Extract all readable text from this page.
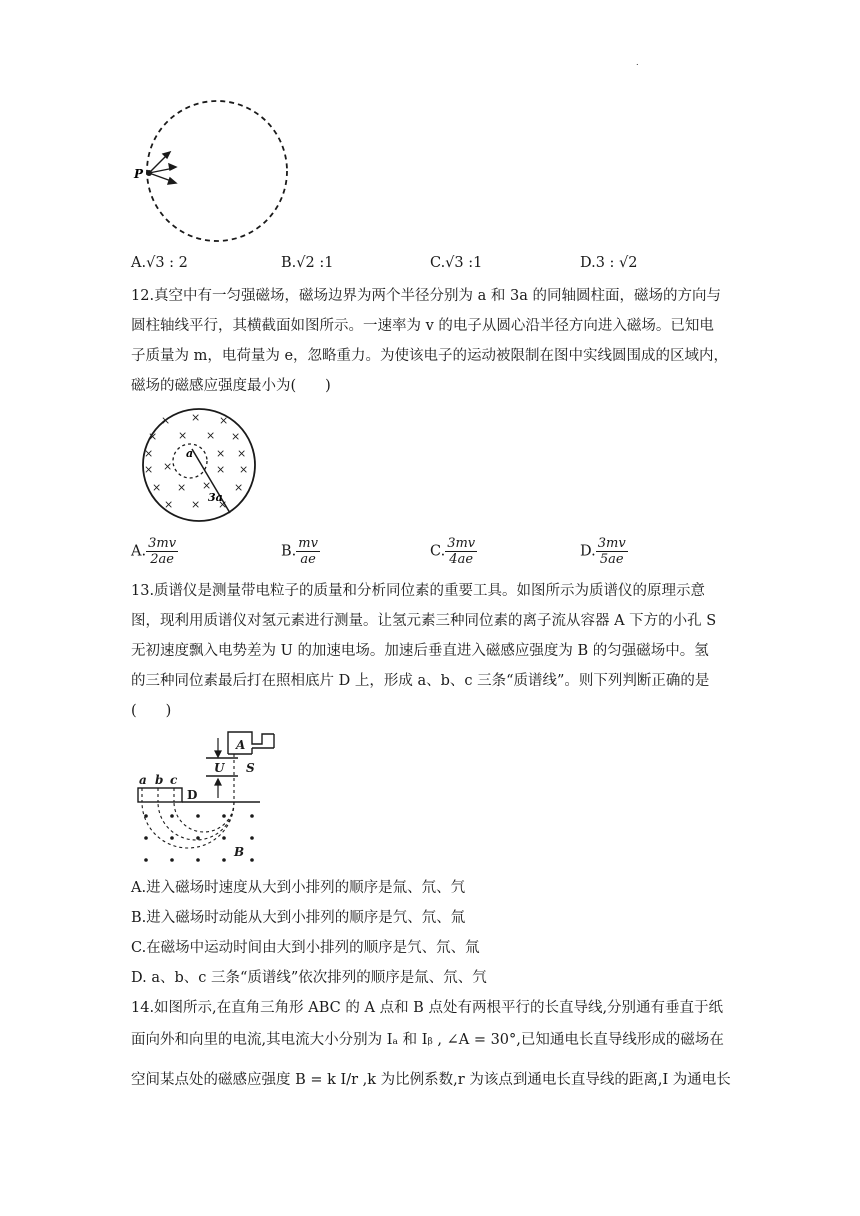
.
P
A.√3 : 2	B.√2 :1	C.√3 :1	D.3 : √2
12.真空中有一匀强磁场，磁场边界为两个半径分别为 a 和 3a 的同轴圆柱面，磁场的方向与
圆柱轴线平行，其横截面如图所示。一速率为 v 的电子从圆心沿半径方向进入磁场。已知电
子质量为 m，电荷量为 e，忽略重力。为使该电子的运动被限制在图中实线圆围成的区域内，
磁场的磁感应强度最小为(　　)
× × ×
× × × ×
×	× ×
× ×	× ×
× × × ×
× × ×
a
3a
A. $\frac{3mv}{2ae}$	B. $\frac{mv}{ae}$	C. $\frac{3mv}{4ae}$	D. $\frac{3mv}{5ae}$
13.质谱仪是测量带电粒子的质量和分析同位素的重要工具。如图所示为质谱仪的原理示意
图，现利用质谱仪对氢元素进行测量。让氢元素三种同位素的离子流从容器 A 下方的小孔 S
无初速度飘入电势差为 U 的加速电场。加速后垂直进入磁感应强度为 B 的匀强磁场中。氢
的三种同位素最后打在照相底片 D 上，形成 a、b、c 三条“质谱线”。则下列判断正确的是
(　　)
A
U S
D
a b c
B
A.进入磁场时速度从大到小排列的顺序是氚、氘、氕
B.进入磁场时动能从大到小排列的顺序是氕、氘、氚
C.在磁场中运动时间由大到小排列的顺序是氕、氘、氚
D. a、b、c 三条“质谱线”依次排列的顺序是氚、氘、氕
14.如图所示,在直角三角形 ABC 的 A 点和 B 点处有两根平行的长直导线,分别通有垂直于纸
面向外和向里的电流,其电流大小分别为 Iₐ 和 Iᵦ , ∠A = 30°,已知通电长直导线形成的磁场在
空间某点处的磁感应强度 B = k I/r ,k 为比例系数,r 为该点到通电长直导线的距离,I 为通电长
